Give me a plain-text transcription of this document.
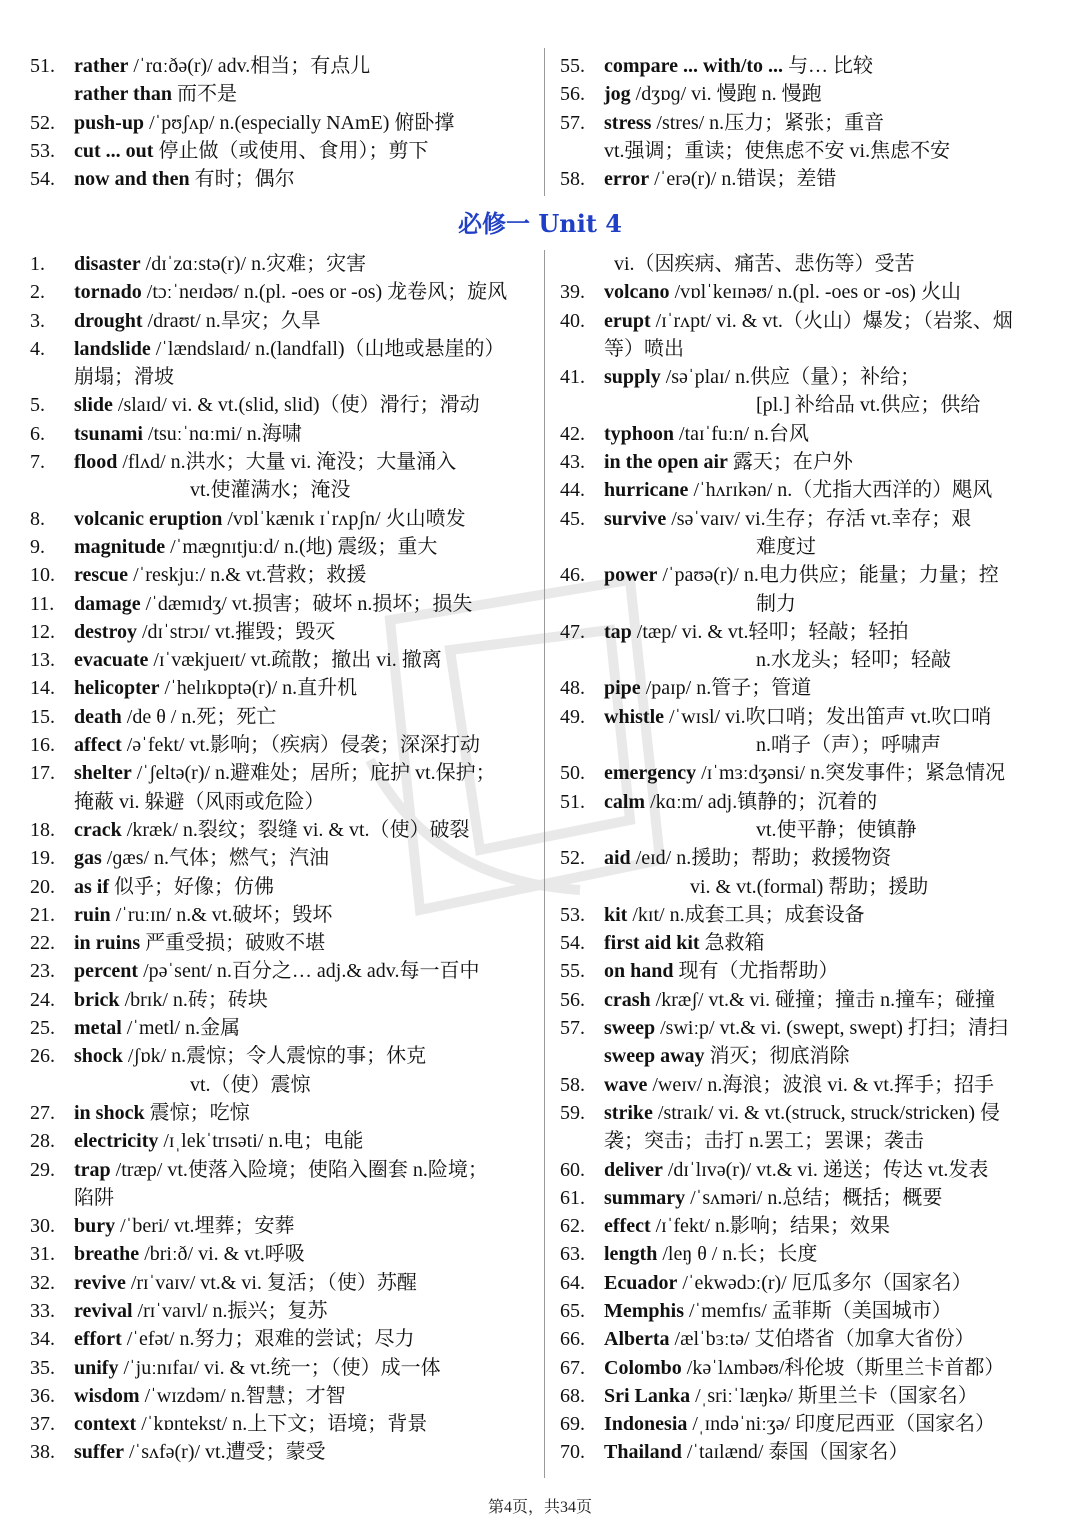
51. rather /ˈrɑːðə(r)/ adv.相当；有点儿
rather than 而不是
52. push-up /ˈpʊʃʌp/ n.(especially NAmE) 俯卧撑
53. cut ... out 停止做（或使用、食用）；剪下
54. now and then 有时；偶尔
55. compare ... with/to ... 与… 比较
56. jog /dʒɒɡ/ vi. 慢跑 n. 慢跑
57. stress /stres/ n.压力；紧张；重音
vt.强调；重读；使焦虑不安 vi.焦虑不安
58. error /ˈerə(r)/ n.错误；差错
必修一 Unit 4
1. disaster /dɪˈzɑːstə(r)/ n.灾难；灾害
2. tornado /tɔːˈneɪdəʊ/ n.(pl. -oes or -os) 龙卷风；旋风
3. drought /draʊt/ n.旱灾；久旱
4. landslide /ˈlændslaɪd/ n.(landfall)（山地或悬崖的）
崩塌；滑坡
5. slide /slaɪd/ vi. & vt.(slid, slid)（使）滑行；滑动
6. tsunami /tsuːˈnɑːmi/ n.海啸
7. flood /flʌd/ n.洪水；大量 vi. 淹没；大量涌入
vt.使灌满水；淹没
8. volcanic eruption /vɒlˈkænɪk ɪˈrʌpʃn/ 火山喷发
9. magnitude /ˈmæɡnɪtjuːd/ n.(地) 震级；重大
10. rescue /ˈreskjuː/ n.& vt.营救；救援
11. damage /ˈdæmɪdʒ/ vt.损害；破坏 n.损坏；损失
12. destroy /dɪˈstrɔɪ/ vt.摧毁；毁灭
13. evacuate /ɪˈvækjueɪt/ vt.疏散；撤出 vi. 撤离
14. helicopter /ˈhelɪkɒptə(r)/ n.直升机
15. death /de θ / n.死；死亡
16. affect /əˈfekt/ vt.影响；（疾病）侵袭；深深打动
17. shelter /ˈʃeltə(r)/ n.避难处；居所；庇护 vt.保护；
掩蔽 vi. 躲避（风雨或危险）
18. crack /kræk/ n.裂纹；裂缝 vi. & vt.（使）破裂
19. gas /ɡæs/ n.气体；燃气；汽油
20. as if 似乎；好像；仿佛
21. ruin /ˈruːɪn/ n.& vt.破坏；毁坏
22. in ruins 严重受损；破败不堪
23. percent /pəˈsent/ n.百分之… adj.& adv.每一百中
24. brick /brɪk/ n.砖；砖块
25. metal /ˈmetl/ n.金属
26. shock /ʃɒk/ n.震惊；令人震惊的事；休克
vt.（使）震惊
27. in shock 震惊；吃惊
28. electricity /ɪˌlekˈtrɪsəti/ n.电；电能
29. trap /træp/ vt.使落入险境；使陷入圈套 n.险境；
陷阱
30. bury /ˈberi/ vt.埋葬；安葬
31. breathe /briːð/ vi. & vt.呼吸
32. revive /rɪˈvaɪv/ vt.& vi. 复活；（使）苏醒
33. revival /rɪˈvaɪvl/ n.振兴；复苏
34. effort /ˈefət/ n.努力；艰难的尝试；尽力
35. unify /ˈjuːnɪfaɪ/ vi. & vt.统一；（使）成一体
36. wisdom /ˈwɪzdəm/ n.智慧；才智
37. context /ˈkɒntekst/ n.上下文；语境；背景
38. suffer /ˈsʌfə(r)/ vt.遭受；蒙受
vi.（因疾病、痛苦、悲伤等）受苦
39. volcano /vɒlˈkeɪnəʊ/ n.(pl. -oes or -os) 火山
40. erupt /ɪˈrʌpt/ vi. & vt.（火山）爆发；（岩浆、烟
等）喷出
41. supply /səˈplaɪ/ n.供应（量）；补给；
[pl.] 补给品 vt.供应；供给
42. typhoon /taɪˈfuːn/ n.台风
43. in the open air 露天；在户外
44. hurricane /ˈhʌrɪkən/ n.（尤指大西洋的）飓风
45. survive /səˈvaɪv/ vi.生存；存活 vt.幸存；艰
难度过
46. power /ˈpaʊə(r)/ n.电力供应；能量；力量；控
制力
47. tap /tæp/ vi. & vt.轻叩；轻敲；轻拍
n.水龙头；轻叩；轻敲
48. pipe /paɪp/ n.管子；管道
49. whistle /ˈwɪsl/ vi.吹口哨；发出笛声 vt.吹口哨
n.哨子（声）；呼啸声
50. emergency /ɪˈmɜːdʒənsi/ n.突发事件；紧急情况
51. calm /kɑːm/ adj.镇静的；沉着的
vt.使平静；使镇静
52. aid /eɪd/ n.援助；帮助；救援物资
vi. & vt.(formal) 帮助；援助
53. kit /kɪt/ n.成套工具；成套设备
54. first aid kit 急救箱
55. on hand 现有（尤指帮助）
56. crash /kræʃ/ vt.& vi. 碰撞；撞击 n.撞车；碰撞
57. sweep /swiːp/ vt.& vi. (swept, swept) 打扫；清扫
sweep away 消灭；彻底消除
58. wave /weɪv/ n.海浪；波浪 vi. & vt.挥手；招手
59. strike /straɪk/ vi. & vt.(struck, struck/stricken) 侵
袭；突击；击打 n.罢工；罢课；袭击
60. deliver /dɪˈlɪvə(r)/ vt.& vi. 递送；传达 vt.发表
61. summary /ˈsʌməri/ n.总结；概括；概要
62. effect /ɪˈfekt/ n.影响；结果；效果
63. length /leŋ θ / n.长；长度
64. Ecuador /ˈekwədɔː(r)/ 厄瓜多尔（国家名）
65. Memphis /ˈmemfɪs/ 孟菲斯（美国城市）
66. Alberta /ælˈbɜːtə/ 艾伯塔省（加拿大省份）
67. Colombo /kəˈlʌmbəʊ/科伦坡（斯里兰卡首都）
68. Sri Lanka /ˌsriːˈlæŋkə/ 斯里兰卡（国家名）
69. Indonesia /ˌɪndəˈniːʒə/ 印度尼西亚（国家名）
70. Thailand /ˈtaɪlænd/ 泰国（国家名）
第4页，共34页
